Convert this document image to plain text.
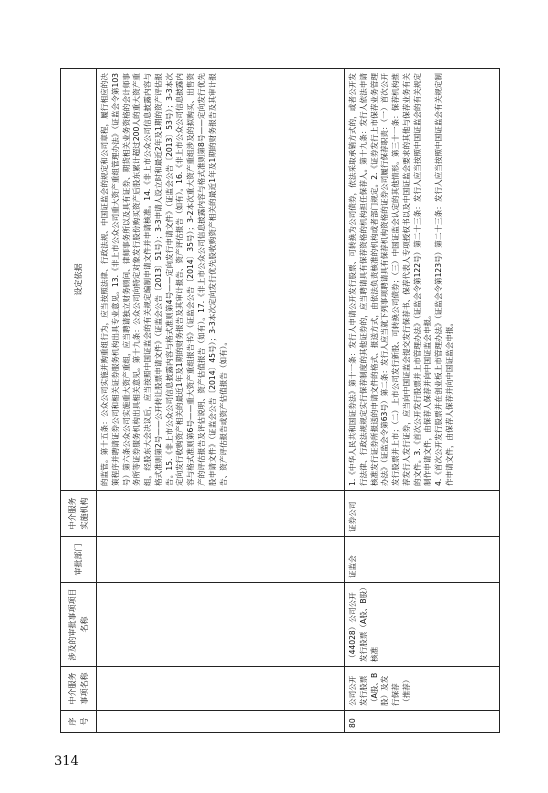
314
序号
中介服务事项名称
涉及的审批事项项目名称
审批部门
中介服务实施机构
设定依据	的监管。第十五条：公众公司实施并购重组行为，应当按照法律、行政法规、中国证监会的规定和公司章程，履行相应的决策程序并聘请证券公司和相关证券服务机构出具专业意见。13.《非上市公众公司重大资产重组管理办法》（证监会令第103号）第六条公众公司实施重大资产重组，应当聘请独立财务顾问、律师事务所以及具有证券、期货相关业务资格的会计师事务所等证券服务机构出具相关意见。第十九条：公众公司向特定对象发行股份购买资产后股东累计超过200人的重大资产重组，经股东大会决议后，应当按照中国证监会的有关规定编制申请文件并申请核准。14.《非上市公众公司信息披露内容与格式准则第2号——公开转让股票申请文件》（证监会公告〔2013〕51号）；3-3申请人设立时和最近2年及1期的资产评估报告。15.《非上市公众公司信息披露内容与格式准则第4号——定向发行申请文件》（证监会公告〔2013〕53号）；3-3本次定向发行收购资产相关的最近1年及1期的财务报告及其审计报告、资产评估报告（如有）。16.《非上市公众公司信息披露内容与格式准则第6号——重大资产重组报告书》（证监会公告〔2014〕35号）；3-2本次重大资产重组涉及的拟购买、出售资产的评估报告及评估说明、资产估值报告（如有）。17.《非上市公众公司信息披露内容与格式准则第8号——定向发行优先股申请文件》（证监会公告〔2014〕45号）；3-3本次定向发行优先股收购资产相关的最近1年及1期的财务报告及其审计报告、资产评估报告或资产估值报告（如有）。
80
公司公开发行股票（A股、B股）及发行保荐（推荐）
（44028）公司公开发行股票（A股、B股）核准
证监会
证券公司

1.《中华人民共和国证券法》第十一条：发行人申请公开发行股票、可转换为公司债券，依法采取承销方式的，或者公开发行法律、行政法规规定实行保荐制度的其他证券的，应当聘请具有保荐资格的机构担任保荐人。第十九条：发行人依法申请核准发行证券所报送的申请文件的格式、报送方式，由依法负责核准的机构或者部门规定。2.《证券发行上市保荐业务管理办法》（证监会令第63号）第二条：发行人应当就下列事项聘请具有保荐机构资格的证券公司履行保荐职责：（一）首次公开发行股票并上市；（二）上市公司发行新股、可转换公司债券；（三）中国证监会认定的其他情形。第三十一条：保荐机构推荐发行人发行证券，应当向中国证监会提交发行保荐书、保荐代表人专项授权书以及中国证监会要求的其他与保荐业务有关的文件。3.《首次公开发行股票并上市管理办法》（证监会令第122号）第二十三条：发行人应当按照中国证监会的有关规定制作申请文件，由保荐人保荐并向中国证监会申报。 4.《首次公开发行股票并在创业板上市管理办法》（证监会令第123号）第二十三条：发行人应当按照中国证监会有关规定制作申请文件，由保荐人保荐并向中国证监会申报。
